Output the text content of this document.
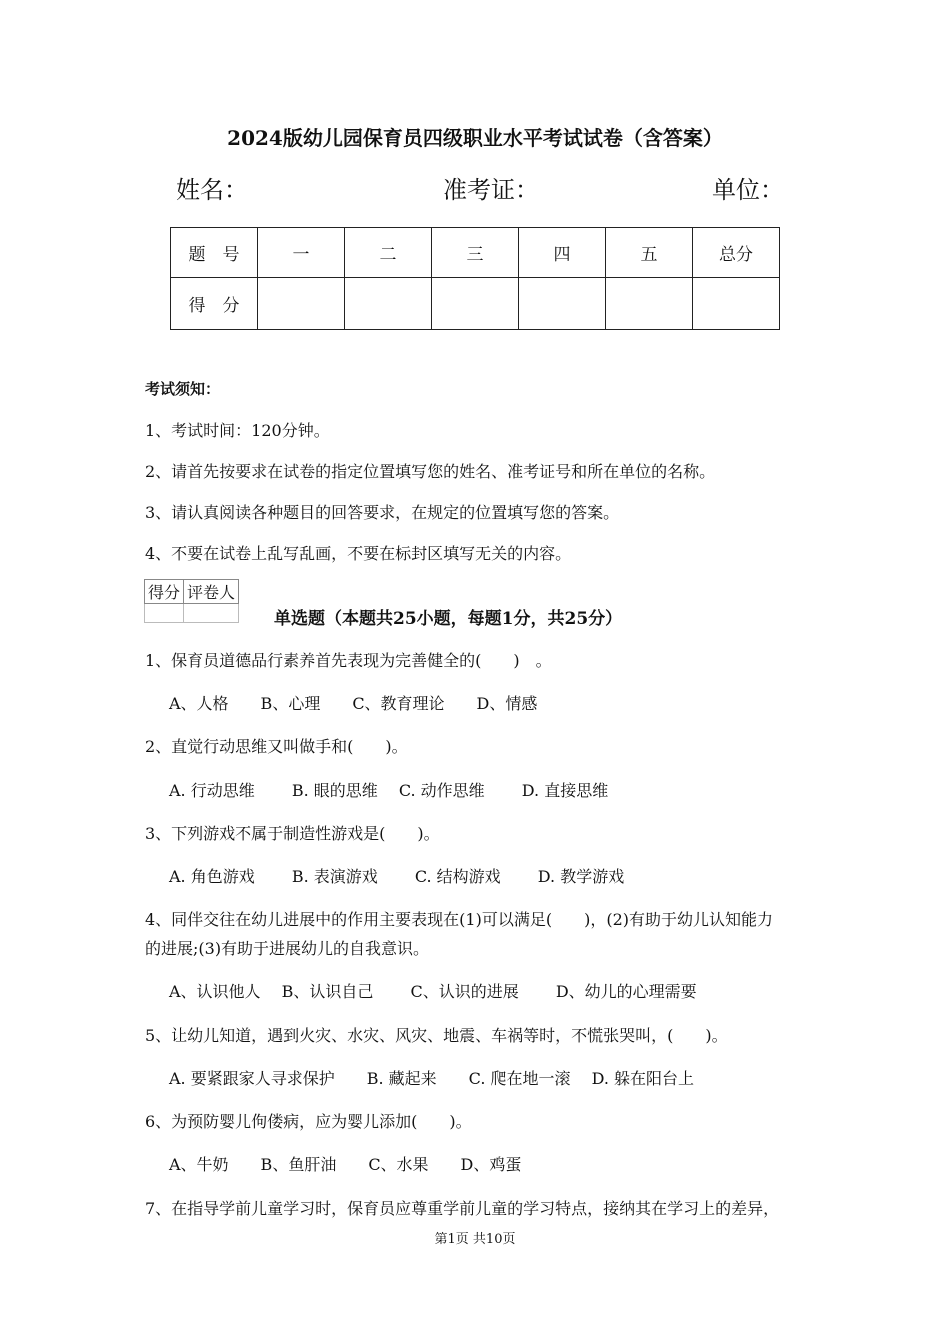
2024版幼儿园保育员四级职业水平考试试卷（含答案）
姓名：	准考证：	单位：
题　号	一	二	三	四	五	总分
得　分						
考试须知：
1、考试时间：120分钟。
2、请首先按要求在试卷的指定位置填写您的姓名、准考证号和所在单位的名称。
3、请认真阅读各种题目的回答要求，在规定的位置填写您的答案。
4、不要在试卷上乱写乱画，不要在标封区填写无关的内容。
得分	评卷人

单选题（本题共25小题，每题1分，共25分）
1、保育员道德品行素养首先表现为完善健全的(　　)　。
A、人格　　B、心理　　C、教育理论　　D、情感
2、直觉行动思维又叫做手和(　　)。
A. 行动思维　　 B. 眼的思维　 C. 动作思维　　 D. 直接思维
3、下列游戏不属于制造性游戏是(　　)。
A. 角色游戏　　 B. 表演游戏　　 C. 结构游戏　　 D. 教学游戏
4、同伴交往在幼儿进展中的作用主要表现在(1)可以满足(　　)，(2)有助于幼儿认知能力
的进展;(3)有助于进展幼儿的自我意识。
A、认识他人　 B、认识自己　　 C、认识的进展　　 D、幼儿的心理需要
5、让幼儿知道，遇到火灾、水灾、风灾、地震、车祸等时，不慌张哭叫，(　　)。
A. 要紧跟家人寻求保护　　B. 藏起来　　C. 爬在地一滚　 D. 躲在阳台上
6、为预防婴儿佝偻病，应为婴儿添加(　　)。
A、牛奶　　B、鱼肝油　　C、水果　　D、鸡蛋
7、在指导学前儿童学习时，保育员应尊重学前儿童的学习特点，接纳其在学习上的差异，
第1页 共10页
